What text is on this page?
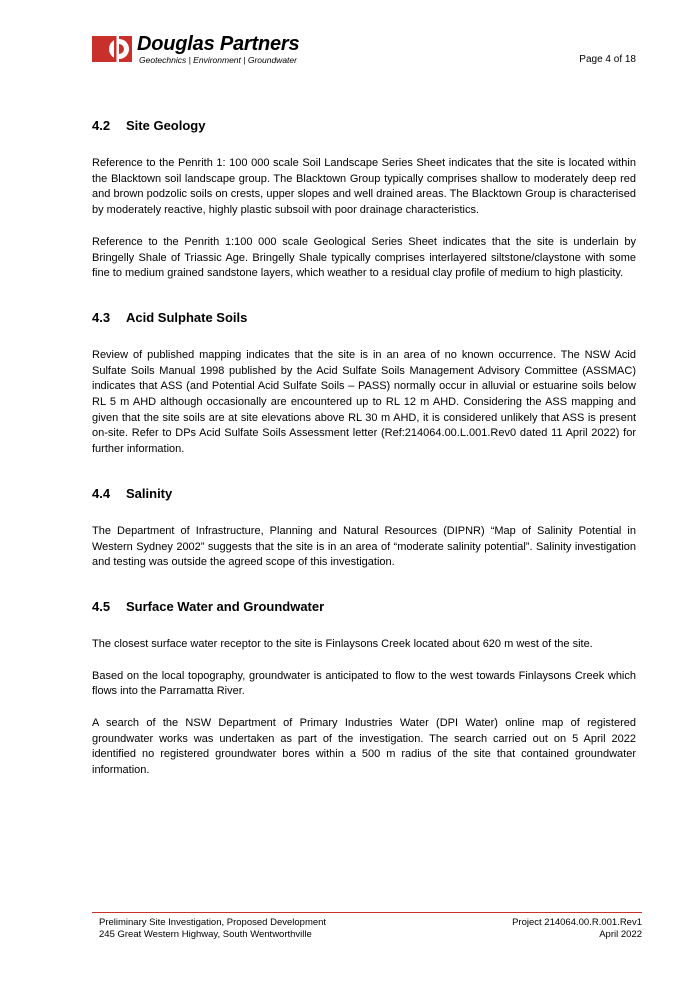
Douglas Partners
Geotechnics | Environment | Groundwater	Page 4 of 18
4.2 Site Geology

Reference to the Penrith 1: 100 000 scale Soil Landscape Series Sheet indicates that the site is located within the Blacktown soil landscape group. The Blacktown Group typically comprises shallow to moderately deep red and brown podzolic soils on crests, upper slopes and well drained areas. The Blacktown Group is characterised by moderately reactive, highly plastic subsoil with poor drainage characteristics.

Reference to the Penrith 1:100 000 scale Geological Series Sheet indicates that the site is underlain by Bringelly Shale of Triassic Age. Bringelly Shale typically comprises interlayered siltstone/claystone with some fine to medium grained sandstone layers, which weather to a residual clay profile of medium to high plasticity.

4.3 Acid Sulphate Soils

Review of published mapping indicates that the site is in an area of no known occurrence. The NSW Acid Sulfate Soils Manual 1998 published by the Acid Sulfate Soils Management Advisory Committee (ASSMAC) indicates that ASS (and Potential Acid Sulfate Soils – PASS) normally occur in alluvial or estuarine soils below RL 5 m AHD although occasionally are encountered up to RL 12 m AHD. Considering the ASS mapping and given that the site soils are at site elevations above RL 30 m AHD, it is considered unlikely that ASS is present on-site. Refer to DPs Acid Sulfate Soils Assessment letter (Ref:214064.00.L.001.Rev0 dated 11 April 2022) for further information.

4.4 Salinity

The Department of Infrastructure, Planning and Natural Resources (DIPNR) “Map of Salinity Potential in Western Sydney 2002” suggests that the site is in an area of “moderate salinity potential”. Salinity investigation and testing was outside the agreed scope of this investigation.

4.5 Surface Water and Groundwater

The closest surface water receptor to the site is Finlaysons Creek located about 620 m west of the site.

Based on the local topography, groundwater is anticipated to flow to the west towards Finlaysons Creek which flows into the Parramatta River.

A search of the NSW Department of Primary Industries Water (DPI Water) online map of registered groundwater works was undertaken as part of the investigation. The search carried out on 5 April 2022 identified no registered groundwater bores within a 500 m radius of the site that contained groundwater information.

Preliminary Site Investigation, Proposed Development
245 Great Western Highway, South Wentworthville
Project 214064.00.R.001.Rev1
April 2022
